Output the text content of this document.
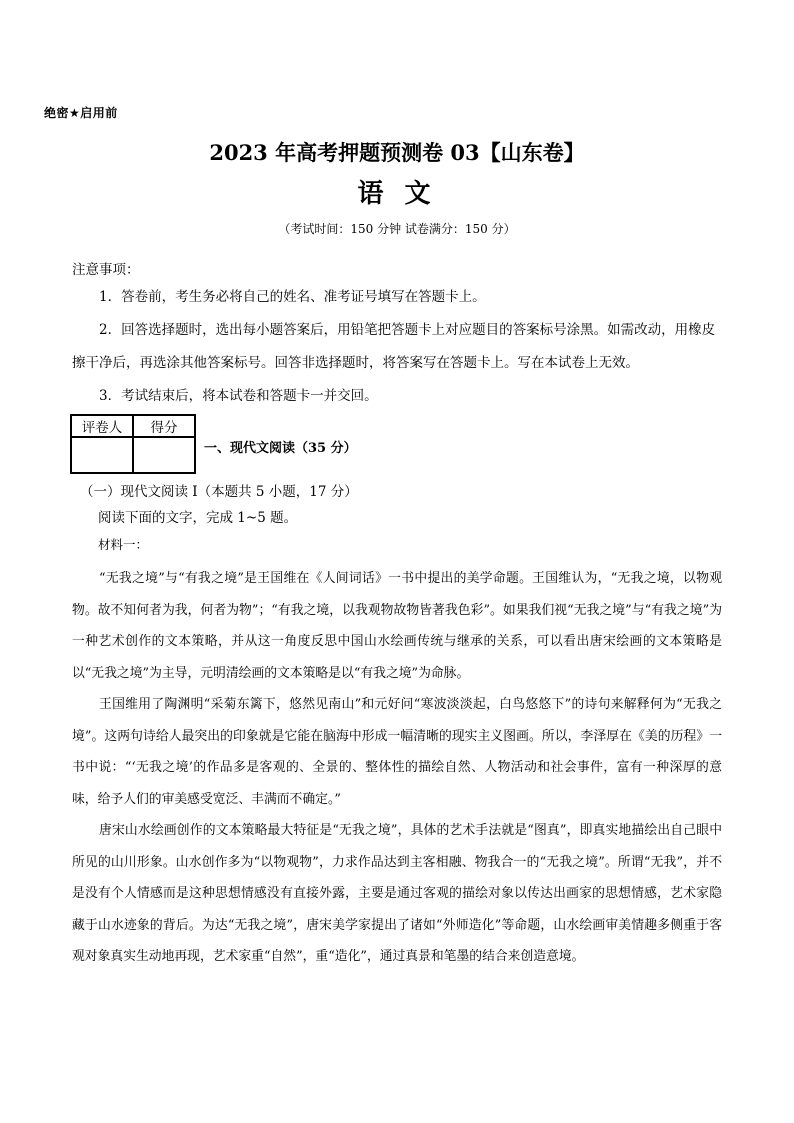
绝密★启用前
2023 年高考押题预测卷 03【山东卷】
语 文
（考试时间：150 分钟 试卷满分：150 分）
注意事项：

1．答卷前，考生务必将自己的姓名、准考证号填写在答题卡上。

2．回答选择题时，选出每小题答案后，用铅笔把答题卡上对应题目的答案标号涂黑。如需改动，用橡皮擦干净后，再选涂其他答案标号。回答非选择题时，将答案写在答题卡上。写在本试卷上无效。

3．考试结束后，将本试卷和答题卡一并交回。

评卷人	得分

一、现代文阅读（35 分）
（一）现代文阅读 I（本题共 5 小题，17 分）
阅读下面的文字，完成 1~5 题。
材料一：

“无我之境”与“有我之境”是王国维在《人间词话》一书中提出的美学命题。王国维认为，“无我之境，以物观物。故不知何者为我，何者为物”；“有我之境，以我观物故物皆著我色彩”。如果我们视“无我之境”与“有我之境”为一种艺术创作的文本策略，并从这一角度反思中国山水绘画传统与继承的关系，可以看出唐宋绘画的文本策略是以“无我之境”为主导，元明清绘画的文本策略是以“有我之境”为命脉。

王国维用了陶渊明“采菊东篱下，悠然见南山”和元好问“寒波淡淡起，白鸟悠悠下”的诗句来解释何为“无我之境”。这两句诗给人最突出的印象就是它能在脑海中形成一幅清晰的现实主义图画。所以，李泽厚在《美的历程》一书中说：“‘无我之境’的作品多是客观的、全景的、整体性的描绘自然、人物活动和社会事件，富有一种深厚的意味，给予人们的审美感受宽泛、丰满而不确定。”

唐宋山水绘画创作的文本策略最大特征是“无我之境”，具体的艺术手法就是“图真”，即真实地描绘出自己眼中所见的山川形象。山水创作多为“以物观物”，力求作品达到主客相融、物我合一的“无我之境”。所谓“无我”，并不是没有个人情感而是这种思想情感没有直接外露，主要是通过客观的描绘对象以传达出画家的思想情感，艺术家隐藏于山水迹象的背后。为达“无我之境”，唐宋美学家提出了诸如“外师造化”等命题，山水绘画审美情趣多侧重于客观对象真实生动地再现，艺术家重“自然”，重“造化”，通过真景和笔墨的结合来创造意境。
